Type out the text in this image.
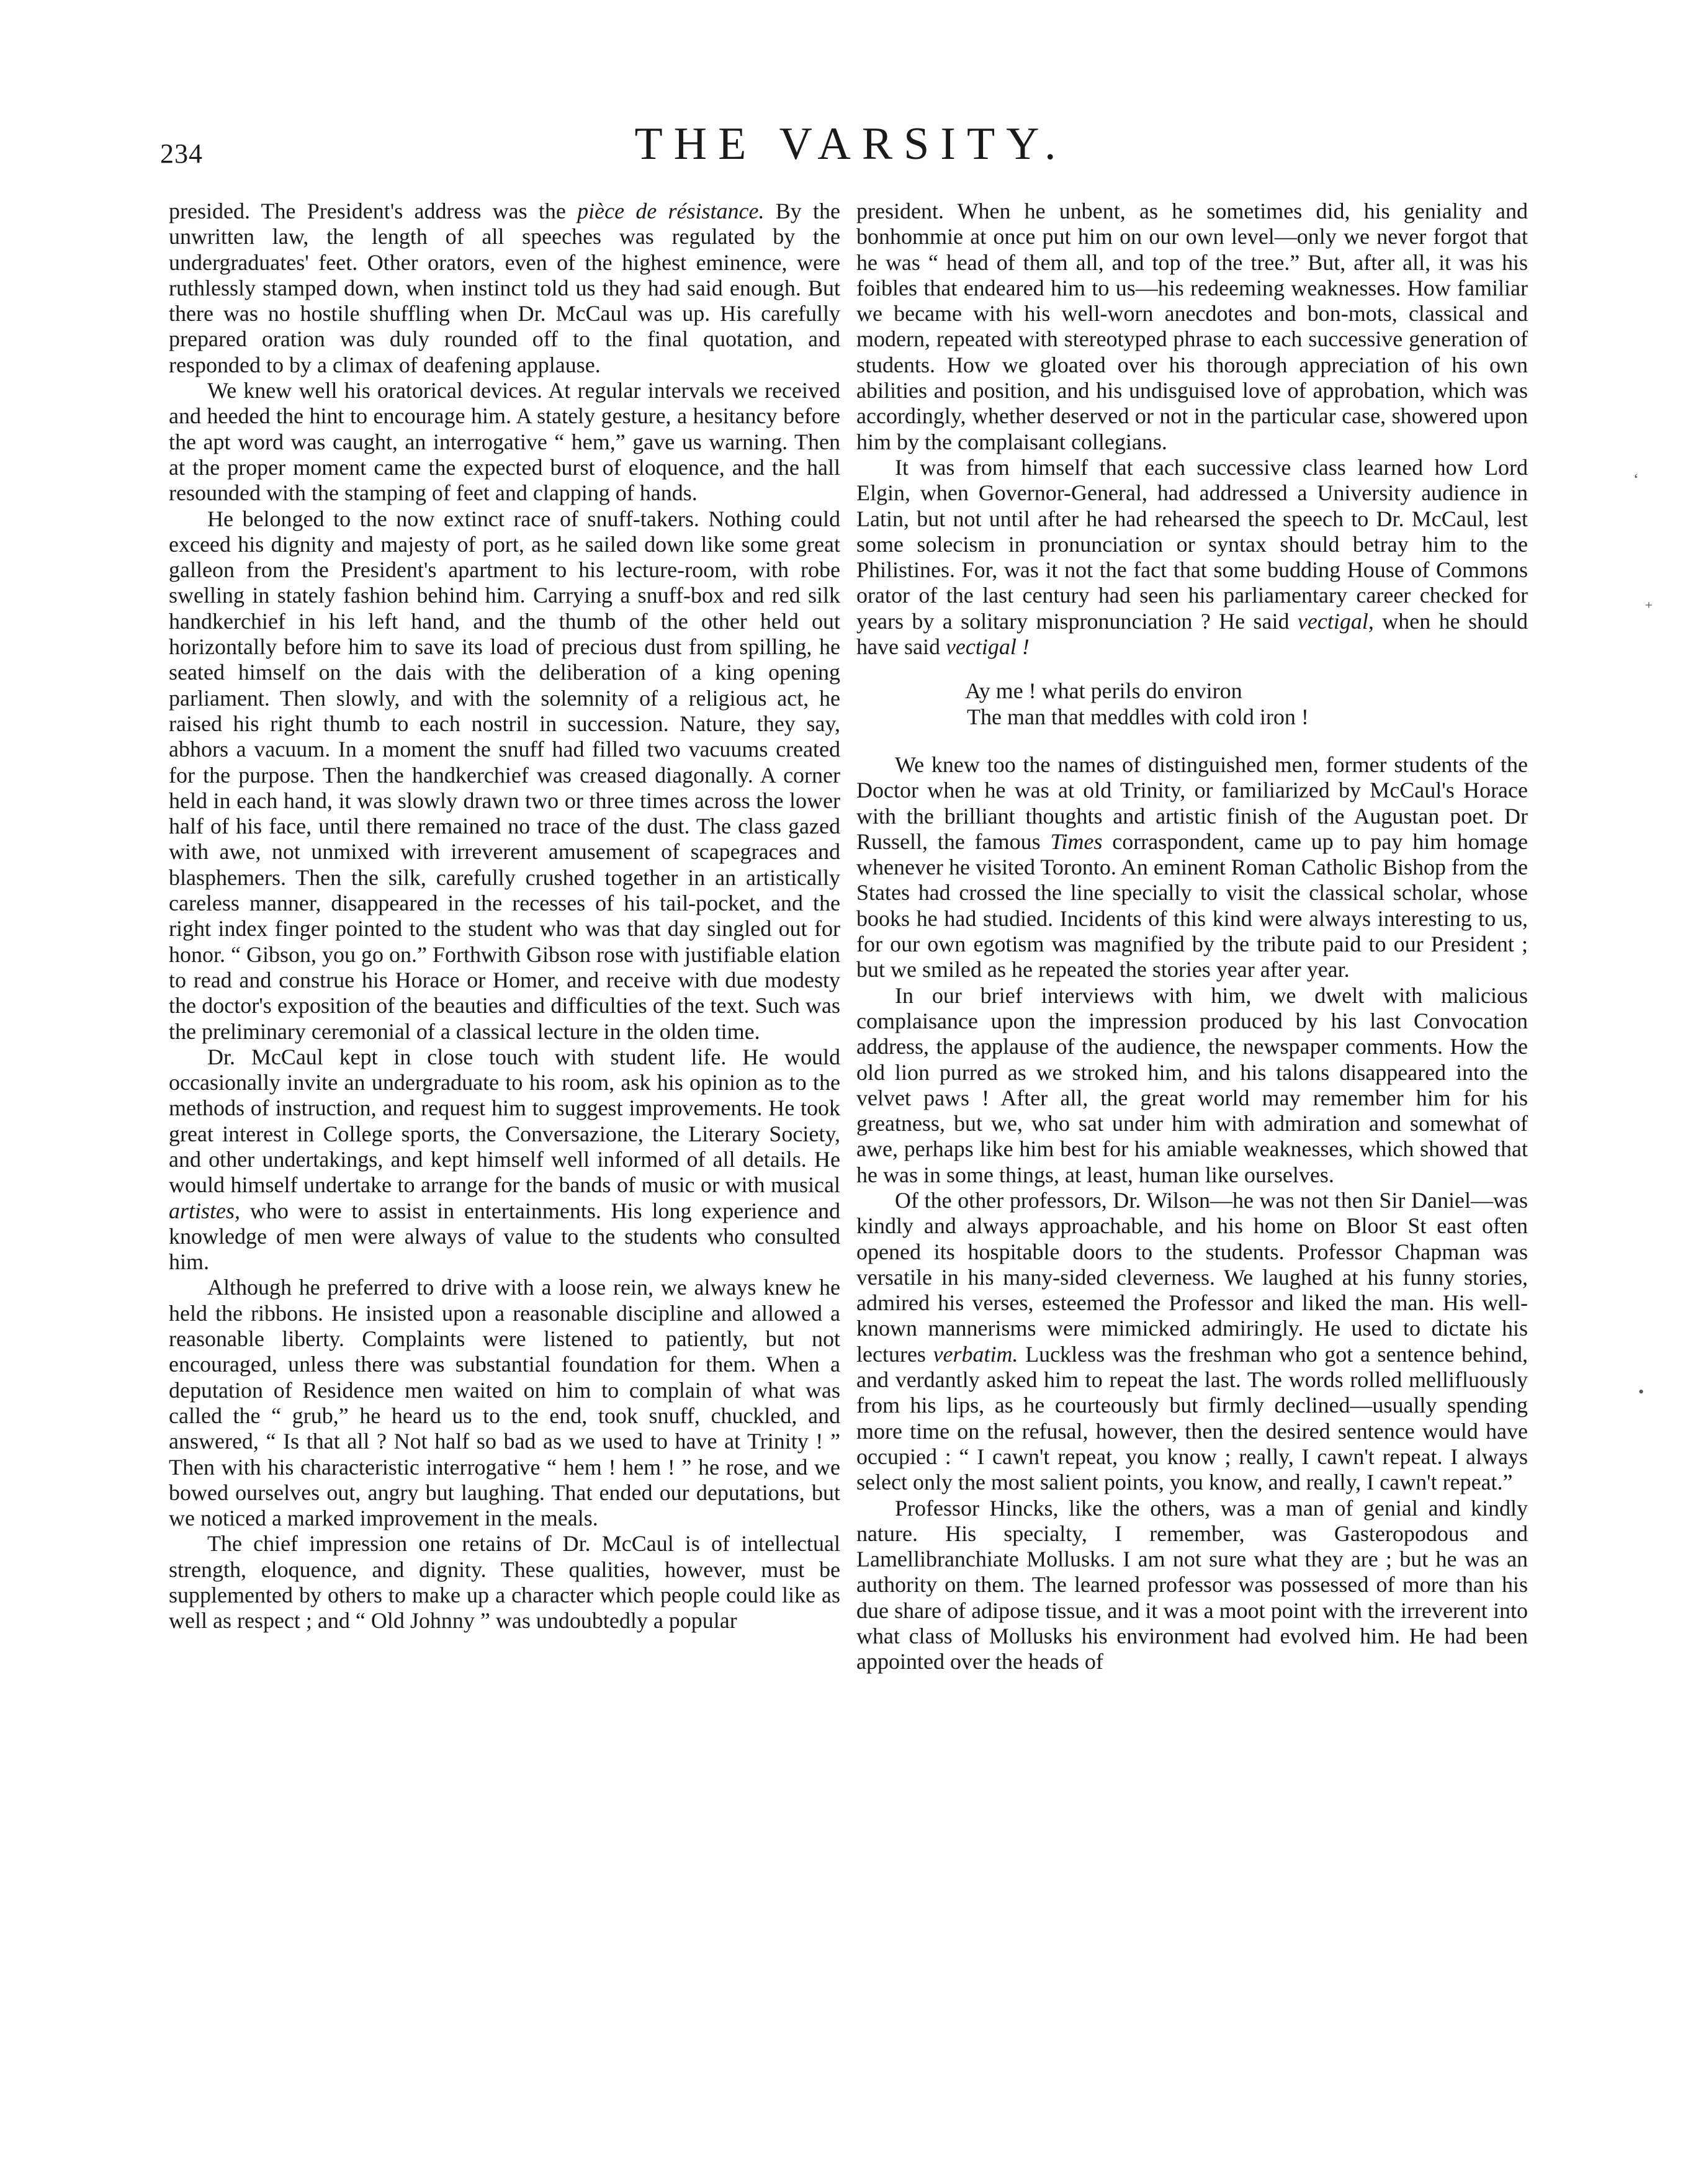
234	THE VARSITY.

presided. The President's address was the pièce de résistance. By the unwritten law, the length of all speeches was regulated by the undergraduates' feet. Other orators, even of the highest eminence, were ruthlessly stamped down, when instinct told us they had said enough. But there was no hostile shuffling when Dr. McCaul was up. His carefully prepared oration was duly rounded off to the final quotation, and responded to by a climax of deafening applause.

We knew well his oratorical devices. At regular intervals we received and heeded the hint to encourage him. A stately gesture, a hesitancy before the apt word was caught, an interrogative “ hem,” gave us warning. Then at the proper moment came the expected burst of eloquence, and the hall resounded with the stamping of feet and clapping of hands.

He belonged to the now extinct race of snuff-takers. Nothing could exceed his dignity and majesty of port, as he sailed down like some great galleon from the President's apartment to his lecture-room, with robe swelling in stately fashion behind him. Carrying a snuff-box and red silk handkerchief in his left hand, and the thumb of the other held out horizontally before him to save its load of precious dust from spilling, he seated himself on the dais with the deliberation of a king opening parliament. Then slowly, and with the solemnity of a religious act, he raised his right thumb to each nostril in succession. Nature, they say, abhors a vacuum. In a moment the snuff had filled two vacuums created for the purpose. Then the handkerchief was creased diagonally. A corner held in each hand, it was slowly drawn two or three times across the lower half of his face, until there remained no trace of the dust. The class gazed with awe, not unmixed with irreverent amusement of scapegraces and blasphemers. Then the silk, carefully crushed together in an artistically careless manner, disappeared in the recesses of his tail-pocket, and the right index finger pointed to the student who was that day singled out for honor. “ Gibson, you go on.” Forthwith Gibson rose with justifiable elation to read and construe his Horace or Homer, and receive with due modesty the doctor's exposition of the beauties and difficulties of the text. Such was the preliminary ceremonial of a classical lecture in the olden time.

Dr. McCaul kept in close touch with student life. He would occasionally invite an undergraduate to his room, ask his opinion as to the methods of instruction, and request him to suggest improvements. He took great interest in College sports, the Conversazione, the Literary Society, and other undertakings, and kept himself well informed of all details. He would himself undertake to arrange for the bands of music or with musical artistes, who were to assist in entertainments. His long experience and knowledge of men were always of value to the students who consulted him.

Although he preferred to drive with a loose rein, we always knew he held the ribbons. He insisted upon a reasonable discipline and allowed a reasonable liberty. Complaints were listened to patiently, but not encouraged, unless there was substantial foundation for them. When a deputation of Residence men waited on him to complain of what was called the “ grub,” he heard us to the end, took snuff, chuckled, and answered, “ Is that all ? Not half so bad as we used to have at Trinity ! ” Then with his characteristic interrogative “ hem ! hem ! ” he rose, and we bowed ourselves out, angry but laughing. That ended our deputations, but we noticed a marked improvement in the meals.

The chief impression one retains of Dr. McCaul is of intellectual strength, eloquence, and dignity. These qualities, however, must be supplemented by others to make up a character which people could like as well as respect ; and “ Old Johnny ” was undoubtedly a popular

president. When he unbent, as he sometimes did, his geniality and bonhommie at once put him on our own level—only we never forgot that he was “ head of them all, and top of the tree.” But, after all, it was his foibles that endeared him to us—his redeeming weaknesses. How familiar we became with his well-worn anecdotes and bon-mots, classical and modern, repeated with stereotyped phrase to each successive generation of students. How we gloated over his thorough appreciation of his own abilities and position, and his undisguised love of approbation, which was accordingly, whether deserved or not in the particular case, showered upon him by the complaisant collegians.

It was from himself that each successive class learned how Lord Elgin, when Governor-General, had addressed a University audience in Latin, but not until after he had rehearsed the speech to Dr. McCaul, lest some solecism in pronunciation or syntax should betray him to the Philistines. For, was it not the fact that some budding House of Commons orator of the last century had seen his parliamentary career checked for years by a solitary mispronunciation ? He said vectigal, when he should have said vectigal !

Ay me ! what perils do environ
The man that meddles with cold iron !

We knew too the names of distinguished men, former students of the Doctor when he was at old Trinity, or familiarized by McCaul's Horace with the brilliant thoughts and artistic finish of the Augustan poet. Dr Russell, the famous Times corraspondent, came up to pay him homage whenever he visited Toronto. An eminent Roman Catholic Bishop from the States had crossed the line specially to visit the classical scholar, whose books he had studied. Incidents of this kind were always interesting to us, for our own egotism was magnified by the tribute paid to our President ; but we smiled as he repeated the stories year after year.

In our brief interviews with him, we dwelt with malicious complaisance upon the impression produced by his last Convocation address, the applause of the audience, the newspaper comments. How the old lion purred as we stroked him, and his talons disappeared into the velvet paws ! After all, the great world may remember him for his greatness, but we, who sat under him with admiration and somewhat of awe, perhaps like him best for his amiable weaknesses, which showed that he was in some things, at least, human like ourselves.

Of the other professors, Dr. Wilson—he was not then Sir Daniel—was kindly and always approachable, and his home on Bloor St east often opened its hospitable doors to the students. Professor Chapman was versatile in his many-sided cleverness. We laughed at his funny stories, admired his verses, esteemed the Professor and liked the man. His well-known mannerisms were mimicked admiringly. He used to dictate his lectures verbatim. Luckless was the freshman who got a sentence behind, and verdantly asked him to repeat the last. The words rolled mellifluously from his lips, as he courteously but firmly declined—usually spending more time on the refusal, however, then the desired sentence would have occupied : “ I cawn't repeat, you know ; really, I cawn't repeat. I always select only the most salient points, you know, and really, I cawn't repeat.”

Professor Hincks, like the others, was a man of genial and kindly nature. His specialty, I remember, was Gasteropodous and Lamellibranchiate Mollusks. I am not sure what they are ; but he was an authority on them. The learned professor was possessed of more than his due share of adipose tissue, and it was a moot point with the irreverent into what class of Mollusks his environment had evolved him. He had been appointed over the heads of

‘
⁺
•
